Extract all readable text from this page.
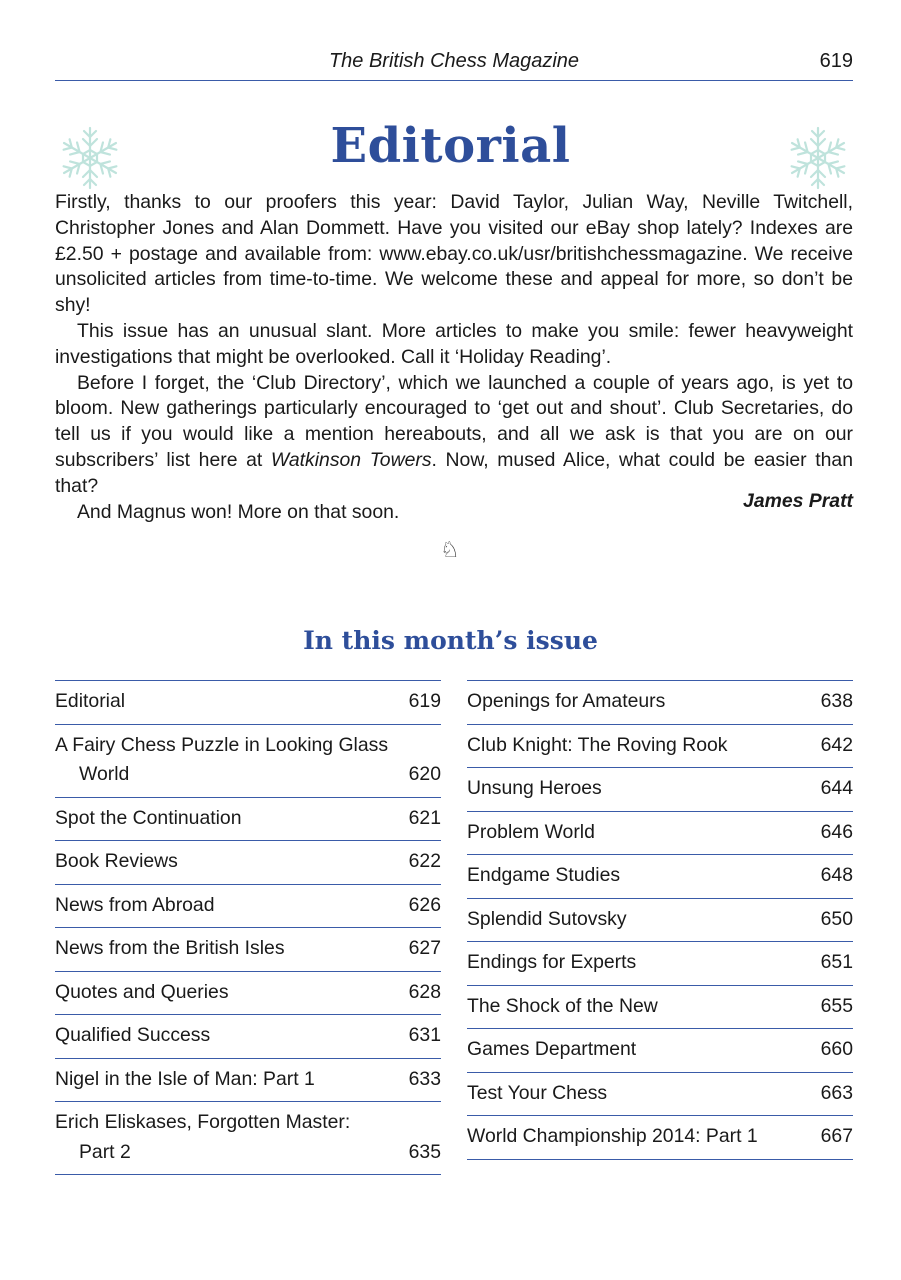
The British Chess Magazine	619
Editorial

Firstly, thanks to our proofers this year: David Taylor, Julian Way, Neville Twitchell, Christopher Jones and Alan Dommett. Have you visited our eBay shop lately? Indexes are £2.50 + postage and available from: www.ebay.co.uk/usr/britishchessmagazine. We receive unsolicited articles from time-to-time. We welcome these and appeal for more, so don’t be shy!

This issue has an unusual slant. More articles to make you smile: fewer heavyweight investigations that might be overlooked. Call it ‘Holiday Reading’.

Before I forget, the ‘Club Directory’, which we launched a couple of years ago, is yet to bloom. New gatherings particularly encouraged to ‘get out and shout’. Club Secretaries, do tell us if you would like a mention hereabouts, and all we ask is that you are on our subscribers’ list here at Watkinson Towers. Now, mused Alice, what could be easier than that?

And Magnus won! More on that soon.	James Pratt
♘
In this month’s issue
Editorial	619
A Fairy Chess Puzzle in Looking Glass
World	620
Spot the Continuation	621
Book Reviews	622
News from Abroad	626
News from the British Isles	627
Quotes and Queries	628
Qualified Success	631
Nigel in the Isle of Man: Part 1	633
Erich Eliskases, Forgotten Master:
Part 2	635
Openings for Amateurs	638
Club Knight: The Roving Rook	642
Unsung Heroes	644
Problem World	646
Endgame Studies	648
Splendid Sutovsky	650
Endings for Experts	651
The Shock of the New	655
Games Department	660
Test Your Chess	663
World Championship 2014: Part 1	667
